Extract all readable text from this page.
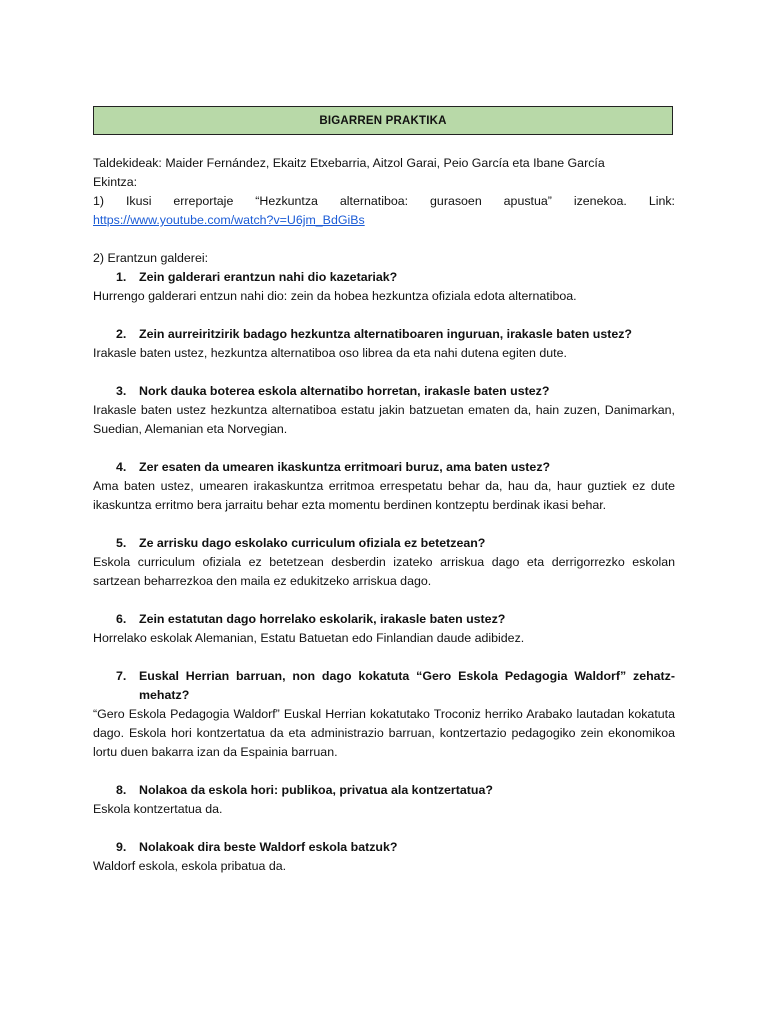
BIGARREN PRAKTIKA
Taldekideak: Maider Fernández, Ekaitz Etxebarria, Aitzol Garai, Peio García eta Ibane García
Ekintza:
1) Ikusi erreportaje “Hezkuntza alternatiboa: gurasoen apustua” izenekoa. Link:
https://www.youtube.com/watch?v=U6jm_BdGiBs
2) Erantzun galderei:
1.	Zein galderari erantzun nahi dio kazetariak?
Hurrengo galderari entzun nahi dio: zein da hobea hezkuntza ofiziala edota alternatiboa.
2.	Zein aurreiritzirik badago hezkuntza alternatiboaren inguruan, irakasle baten ustez?
Irakasle baten ustez, hezkuntza alternatiboa oso librea da eta nahi dutena egiten dute.
3.	Nork dauka boterea eskola alternatibo horretan, irakasle baten ustez?
Irakasle baten ustez hezkuntza alternatiboa estatu jakin batzuetan ematen da, hain zuzen, Danimarkan, Suedian, Alemanian eta Norvegian.
4.	Zer esaten da umearen ikaskuntza erritmoari buruz, ama baten ustez?
Ama baten ustez, umearen irakaskuntza erritmoa errespetatu behar da, hau da, haur guztiek ez dute ikaskuntza erritmo bera jarraitu behar ezta momentu berdinen kontzeptu berdinak ikasi behar.
5.	Ze arrisku dago eskolako curriculum ofiziala ez betetzean?
Eskola curriculum ofiziala ez betetzean desberdin izateko arriskua dago eta derrigorrezko eskolan sartzean beharrezkoa den maila ez edukitzeko arriskua dago.
6.	Zein estatutan dago horrelako eskolarik, irakasle baten ustez?
Horrelako eskolak Alemanian, Estatu Batuetan edo Finlandian daude adibidez.
7.	Euskal Herrian barruan, non dago kokatuta “Gero Eskola Pedagogia Waldorf” zehatz-mehatz?
“Gero Eskola Pedagogia Waldorf” Euskal Herrian kokatutako Troconiz herriko Arabako lautadan kokatuta dago. Eskola hori kontzertatua da eta administrazio barruan, kontzertazio pedagogiko zein ekonomikoa lortu duen bakarra izan da Espainia barruan.
8.	Nolakoa da eskola hori: publikoa, privatua ala kontzertatua?
Eskola kontzertatua da.
9.	Nolakoak dira beste Waldorf eskola batzuk?
Waldorf eskola, eskola pribatua da.
